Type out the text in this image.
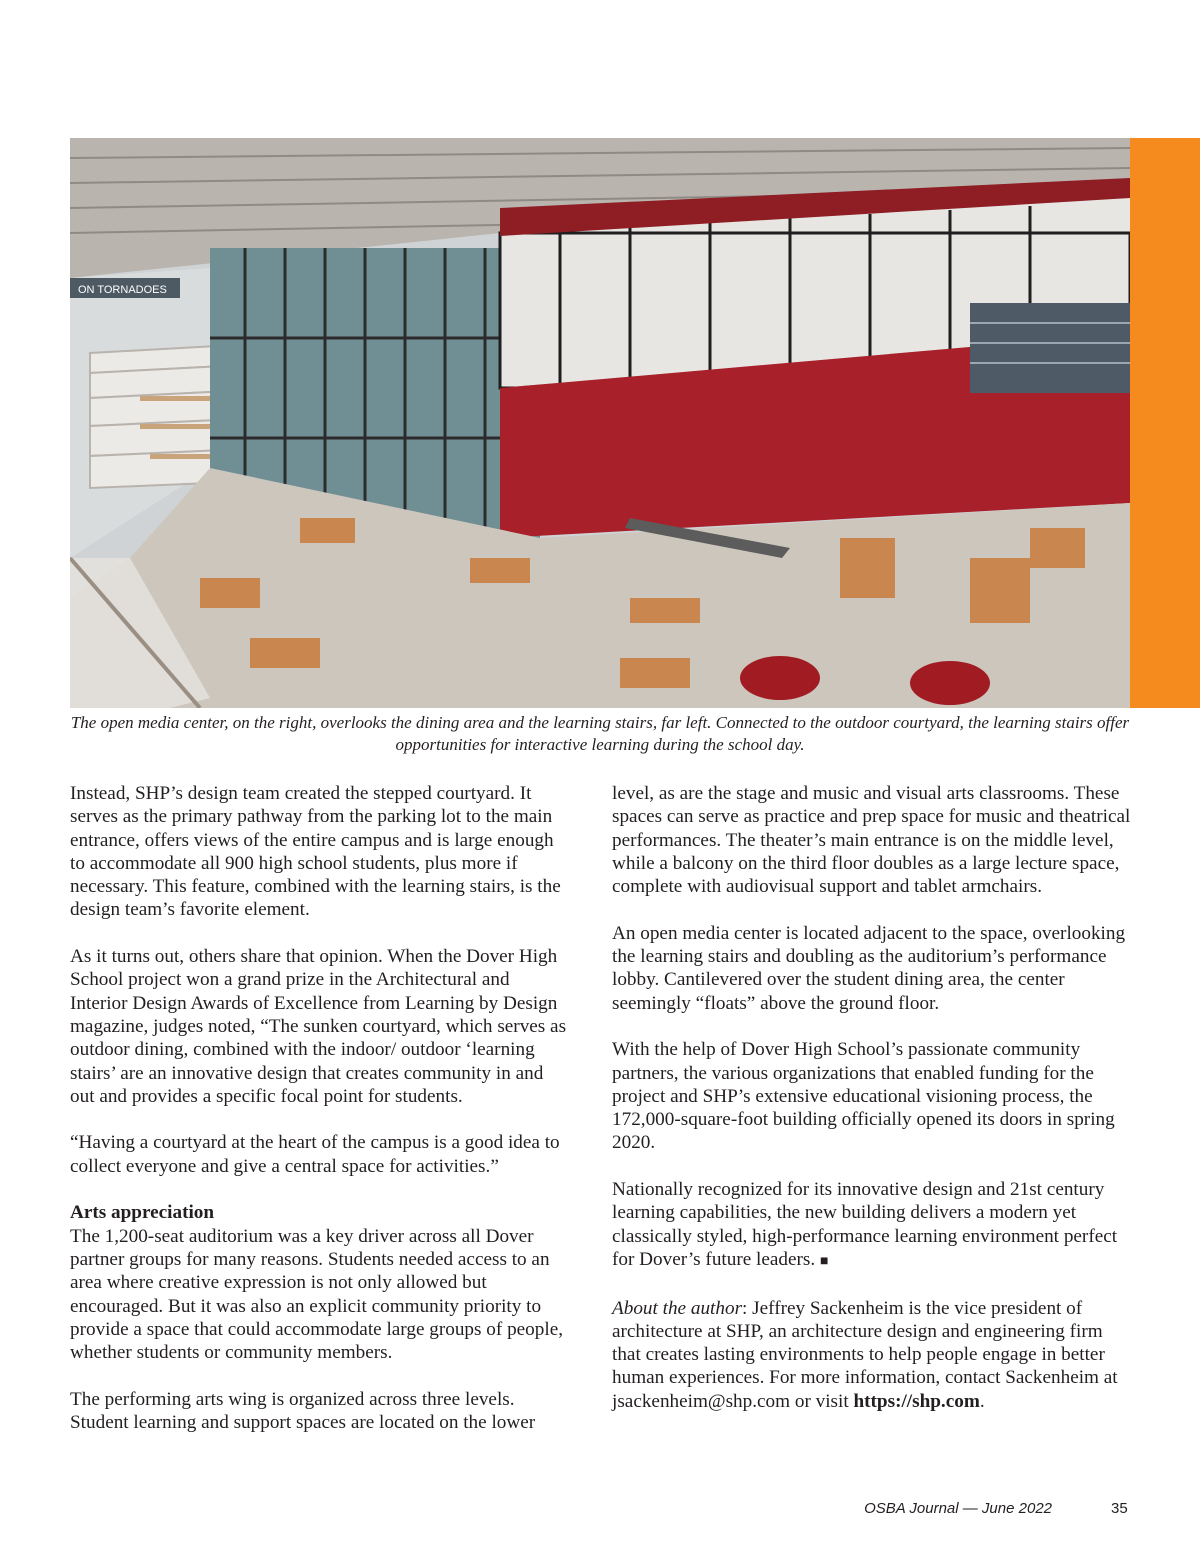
ON TORNADOES
The open media center, on the right, overlooks the dining area and the learning stairs, far left. Connected to the outdoor courtyard, the learning stairs offer opportunities for interactive learning during the school day.

Instead, SHP’s design team created the stepped courtyard. It serves as the primary pathway from the parking lot to the main entrance, offers views of the entire campus and is large enough to accommodate all 900 high school students, plus more if necessary. This feature, combined with the learning stairs, is the design team’s favorite element.

As it turns out, others share that opinion. When the Dover High School project won a grand prize in the Architectural and Interior Design Awards of Excellence from Learning by Design magazine, judges noted, “The sunken courtyard, which serves as outdoor dining, combined with the indoor/ outdoor ‘learning stairs’ are an innovative design that creates community in and out and provides a specific focal point for students.

“Having a courtyard at the heart of the campus is a good idea to collect everyone and give a central space for activities.”

Arts appreciation

The 1,200-seat auditorium was a key driver across all Dover partner groups for many reasons. Students needed access to an area where creative expression is not only allowed but encouraged. But it was also an explicit community priority to provide a space that could accommodate large groups of people, whether students or community members.

The performing arts wing is organized across three levels. Student learning and support spaces are located on the lower

level, as are the stage and music and visual arts classrooms. These spaces can serve as practice and prep space for music and theatrical performances. The theater’s main entrance is on the middle level, while a balcony on the third floor doubles as a large lecture space, complete with audiovisual support and tablet armchairs.

An open media center is located adjacent to the space, overlooking the learning stairs and doubling as the auditorium’s performance lobby. Cantilevered over the student dining area, the center seemingly “floats” above the ground floor.

With the help of Dover High School’s passionate community partners, the various organizations that enabled funding for the project and SHP’s extensive educational visioning process, the 172,000-square-foot building officially opened its doors in spring 2020.

Nationally recognized for its innovative design and 21st century learning capabilities, the new building delivers a modern yet classically styled, high-performance learning environment perfect for Dover’s future leaders. ■

About the author: Jeffrey Sackenheim is the vice president of architecture at SHP, an architecture design and engineering firm that creates lasting environments to help people engage in better human experiences. For more information, contact Sackenheim at jsackenheim@shp.com or visit https://shp.com.

OSBA Journal — June 2022	35
